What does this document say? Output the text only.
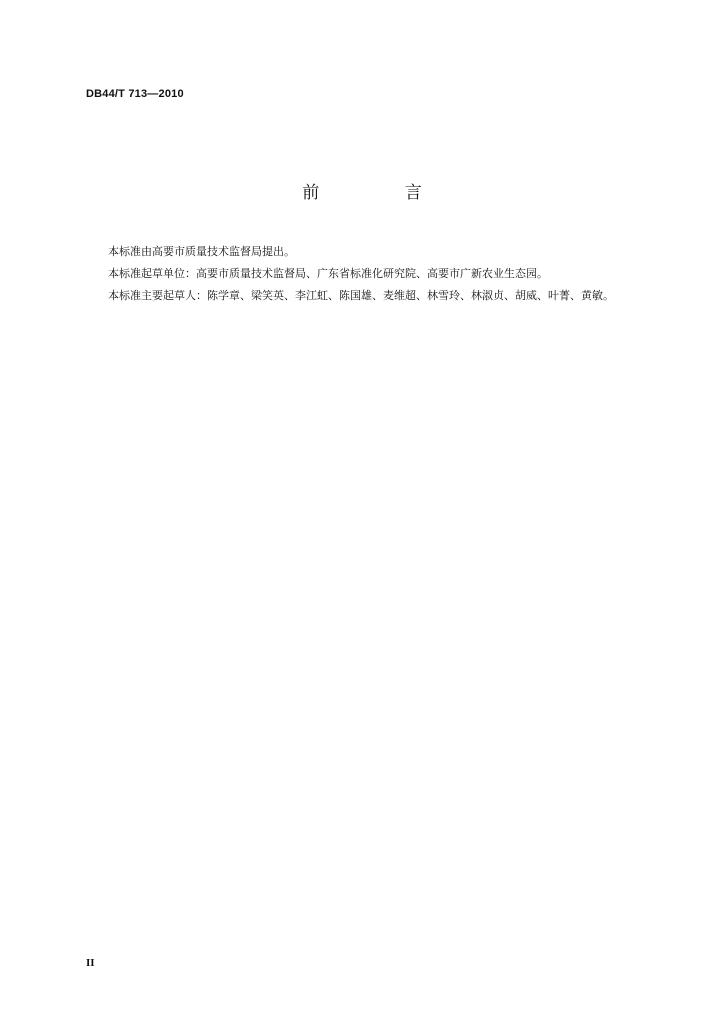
DB44/T 713—2010
前 言

本标准由高要市质量技术监督局提出。

本标准起草单位：高要市质量技术监督局、广东省标准化研究院、高要市广新农业生态园。

本标准主要起草人：陈学章、梁笑英、李江虹、陈国雄、麦维超、林雪玲、林淑贞、胡威、叶菁、黄敏。

II
